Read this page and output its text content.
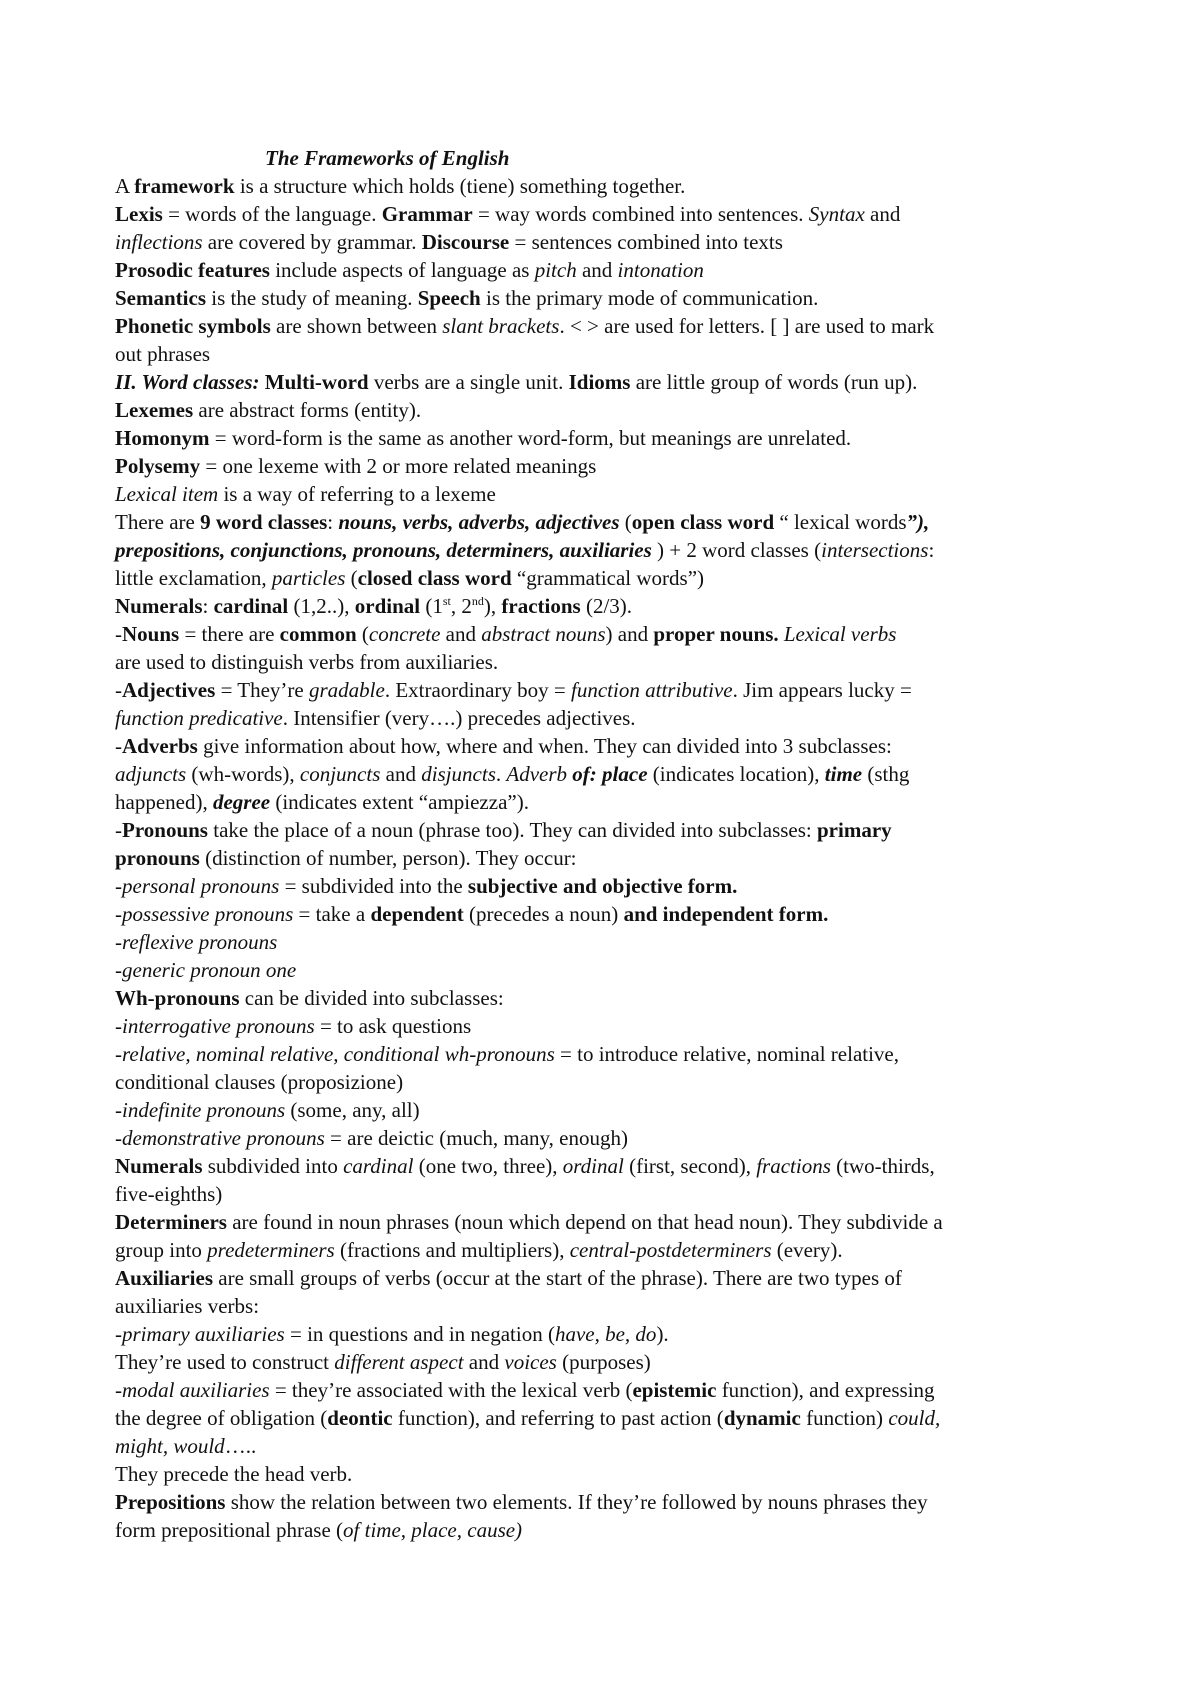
The Frameworks of English
A framework is a structure which holds (tiene) something together.
Lexis = words of the language. Grammar = way words combined into sentences. Syntax and
inflections are covered by grammar. Discourse = sentences combined into texts
Prosodic features include aspects of language as pitch and intonation
Semantics is the study of meaning. Speech is the primary mode of communication.
Phonetic symbols are shown between slant brackets. < > are used for letters. [ ] are used to mark
out phrases
II. Word classes: Multi-word verbs are a single unit. Idioms are little group of words (run up).
Lexemes are abstract forms (entity).
Homonym = word-form is the same as another word-form, but meanings are unrelated.
Polysemy = one lexeme with 2 or more related meanings
Lexical item is a way of referring to a lexeme
There are 9 word classes: nouns, verbs, adverbs, adjectives (open class word “ lexical words”),
prepositions, conjunctions, pronouns, determiners, auxiliaries ) + 2 word classes (intersections:
little exclamation, particles (closed class word “grammatical words”)
Numerals: cardinal (1,2..), ordinal (1st, 2nd), fractions (2/3).
-Nouns = there are common (concrete and abstract nouns) and proper nouns. Lexical verbs
are used to distinguish verbs from auxiliaries.
-Adjectives = They’re gradable. Extraordinary boy = function attributive. Jim appears lucky =
function predicative. Intensifier (very….) precedes adjectives.
-Adverbs give information about how, where and when. They can divided into 3 subclasses:
adjuncts (wh-words), conjuncts and disjuncts. Adverb of: place (indicates location), time (sthg
happened), degree (indicates extent “ampiezza”).
-Pronouns take the place of a noun (phrase too). They can divided into subclasses: primary
pronouns (distinction of number, person). They occur:
-personal pronouns = subdivided into the subjective and objective form.
-possessive pronouns = take a dependent (precedes a noun) and independent form.
-reflexive pronouns
-generic pronoun one
Wh-pronouns can be divided into subclasses:
-interrogative pronouns = to ask questions
-relative, nominal relative, conditional wh-pronouns = to introduce relative, nominal relative,
conditional clauses (proposizione)
-indefinite pronouns (some, any, all)
-demonstrative pronouns = are deictic (much, many, enough)
Numerals subdivided into cardinal (one two, three), ordinal (first, second), fractions (two-thirds,
five-eighths)
Determiners are found in noun phrases (noun which depend on that head noun). They subdivide a
group into predeterminers (fractions and multipliers), central-postdeterminers (every).
Auxiliaries are small groups of verbs (occur at the start of the phrase). There are two types of
auxiliaries verbs:
-primary auxiliaries = in questions and in negation (have, be, do).
They’re used to construct different aspect and voices (purposes)
-modal auxiliaries = they’re associated with the lexical verb (epistemic function), and expressing
the degree of obligation (deontic function), and referring to past action (dynamic function) could,
might, would…..
They precede the head verb.
Prepositions show the relation between two elements. If they’re followed by nouns phrases they
form prepositional phrase (of time, place, cause)
